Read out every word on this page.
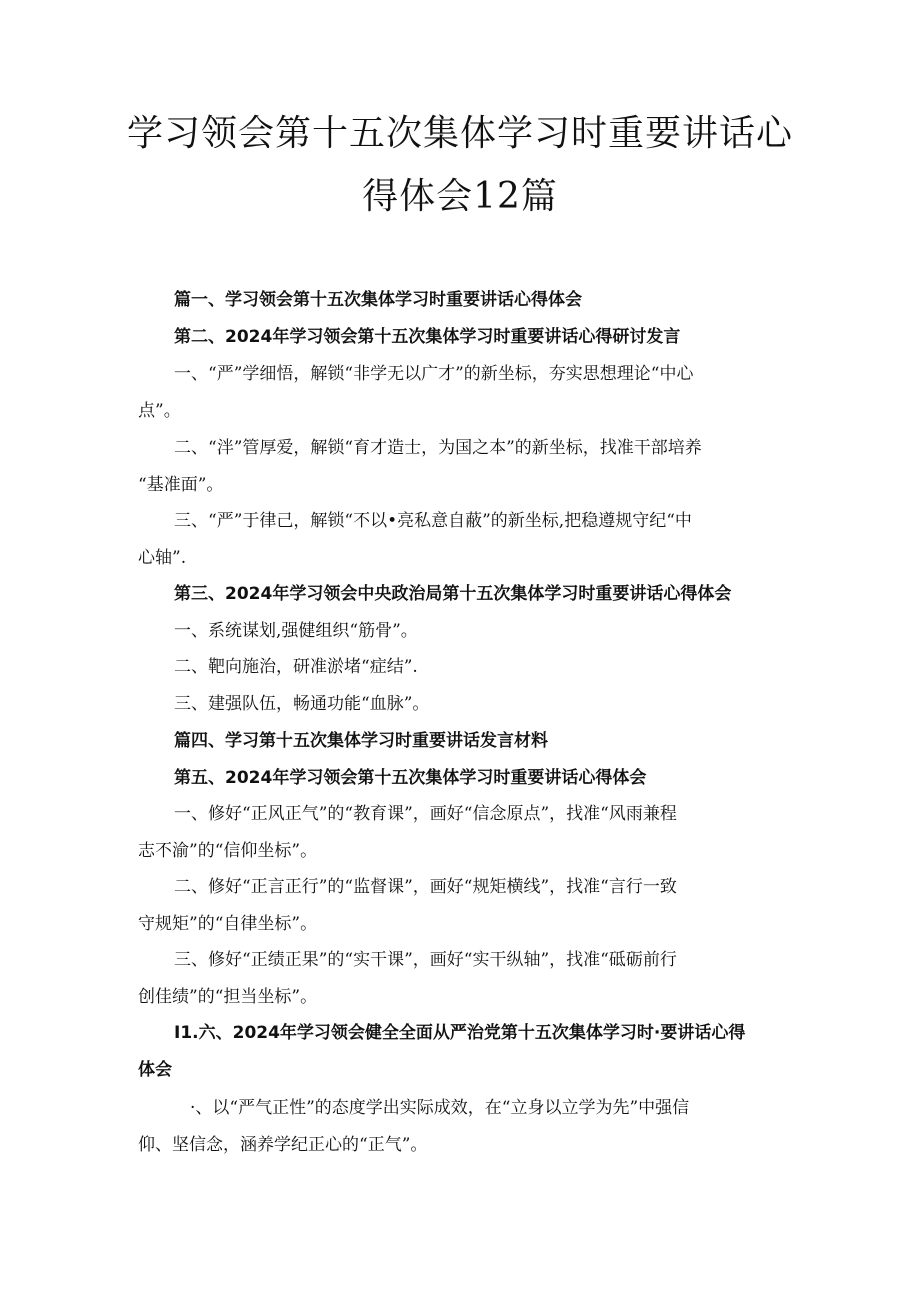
学习领会第十五次集体学习时重要讲话心
得体会12篇
篇一、学习领会第十五次集体学习时重要讲话心得体会
第二、2024年学习领会第十五次集体学习时重要讲话心得研讨发言
一、“严”学细悟，解锁“非学无以广才”的新坐标，夯实思想理论“中心
点”。
二、“泮”管厚爱，解锁“育才造士，为国之本”的新坐标，找准干部培养
“基准面”。
三、“严”于律己，解锁“不以•亮私意自蔽”的新坐标,把稳遵规守纪“中
心轴”.
第三、2024年学习领会中央政治局第十五次集体学习时重要讲话心得体会
一、系统谋划,强健组织“筋骨”。
二、靶向施治，研准淤堵“症结”.
三、建强队伍，畅通功能“血脉”。
篇四、学习第十五次集体学习时重要讲话发言材料
第五、2024年学习领会第十五次集体学习时重要讲话心得体会
一、修好“正风正气”的“教育课”，画好“信念原点”，找准“风雨兼程
志不渝”的“信仰坐标”。
二、修好“正言正行”的“监督课”，画好“规矩横线”，找准“言行一致
守规矩”的“自律坐标”。
三、修好“正绩正果”的“实干课”，画好“实干纵轴”，找准“砥砺前行
创佳绩”的“担当坐标”。
I1.六、2024年学习领会健全全面从严治党第十五次集体学习时·要讲话心得
体会
·、以“严气正性”的态度学出实际成效，在“立身以立学为先”中强信
仰、坚信念，涵养学纪正心的“正气”。
